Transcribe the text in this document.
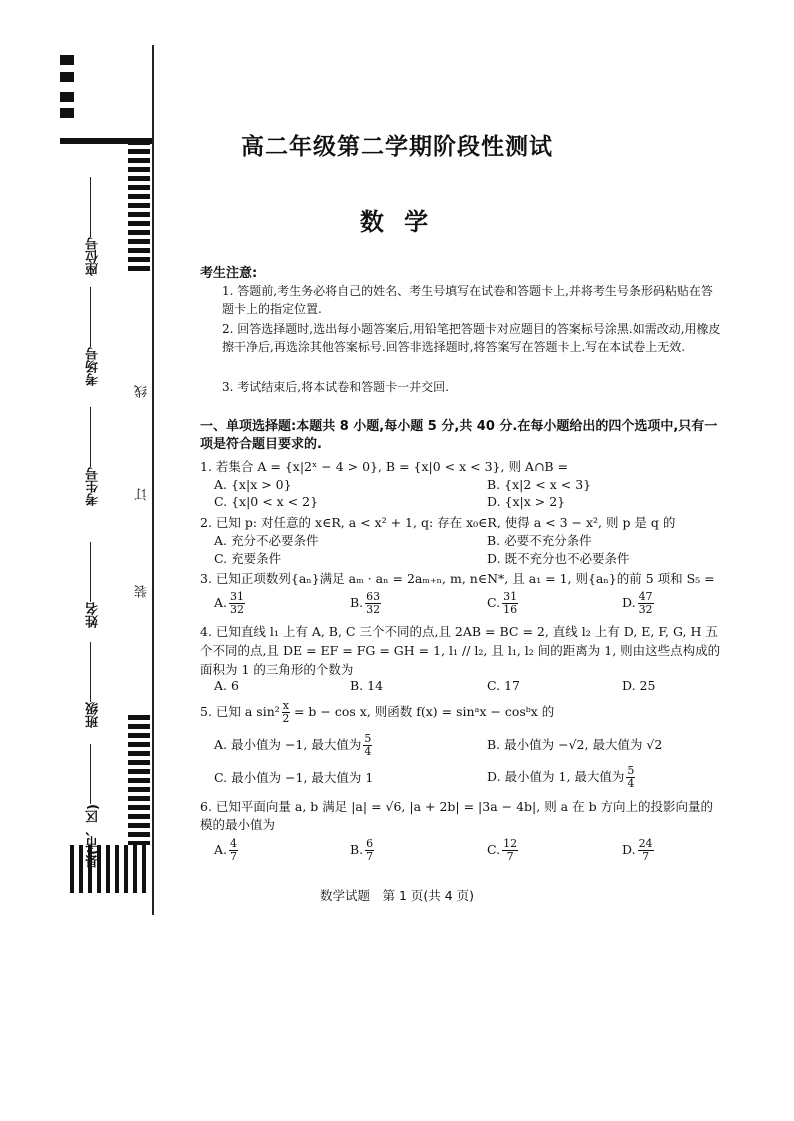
座位号
考场号
考生号
姓名
班级
县(市、区)
线
订
装
高二年级第二学期阶段性测试
数 学
考生注意:
1. 答题前,考生务必将自己的姓名、考生号填写在试卷和答题卡上,并将考生号条形码粘贴在答题卡上的指定位置.
2. 回答选择题时,选出每小题答案后,用铅笔把答题卡对应题目的答案标号涂黑.如需改动,用橡皮擦干净后,再选涂其他答案标号.回答非选择题时,将答案写在答题卡上.写在本试卷上无效.
3. 考试结束后,将本试卷和答题卡一并交回.
一、单项选择题:本题共 8 小题,每小题 5 分,共 40 分.在每小题给出的四个选项中,只有一项是符合题目要求的.
1. 若集合 A = {x|2ˣ − 4 > 0}, B = {x|0 < x < 3}, 则 A∩B =
A. {x|x > 0}	B. {x|2 < x < 3}
C. {x|0 < x < 2}	D. {x|x > 2}
2. 已知 p: 对任意的 x∈R, a < x² + 1, q: 存在 x₀∈R, 使得 a < 3 − x², 则 p 是 q 的
A. 充分不必要条件	B. 必要不充分条件
C. 充要条件	D. 既不充分也不必要条件
3. 已知正项数列{aₙ}满足 aₘ · aₙ = 2aₘ₊ₙ, m, n∈N*, 且 a₁ = 1, 则{aₙ}的前 5 项和 S₅ =
A. $\frac{31}{32}$	B. $\frac{63}{32}$	C. $\frac{31}{16}$	D. $\frac{47}{32}$
4. 已知直线 l₁ 上有 A, B, C 三个不同的点,且 2AB = BC = 2, 直线 l₂ 上有 D, E, F, G, H 五个不同的点,且 DE = EF = FG = GH = 1, l₁ // l₂, 且 l₁, l₂ 间的距离为 1, 则由这些点构成的面积为 1 的三角形的个数为
A. 6	B. 14	C. 17	D. 25
5. 已知 a $\sin^2 \frac{x}{2} = b - \cos x$, 则函数 f(x) = sinᵃx − cosᵇx 的
A. 最小值为 −1, 最大值为 $\frac{5}{4}$	B. 最小值为 −√2, 最大值为 √2
C. 最小值为 −1, 最大值为 1	D. 最小值为 1, 最大值为 $\frac{5}{4}$
6. 已知平面向量 a, b 满足 |a| = √6, |a + 2b| = |3a − 4b|, 则 a 在 b 方向上的投影向量的模的最小值为
A. $\frac{4}{7}$	B. $\frac{6}{7}$	C. $\frac{12}{7}$	D. $\frac{24}{7}$
数学试题　第 1 页(共 4 页)
